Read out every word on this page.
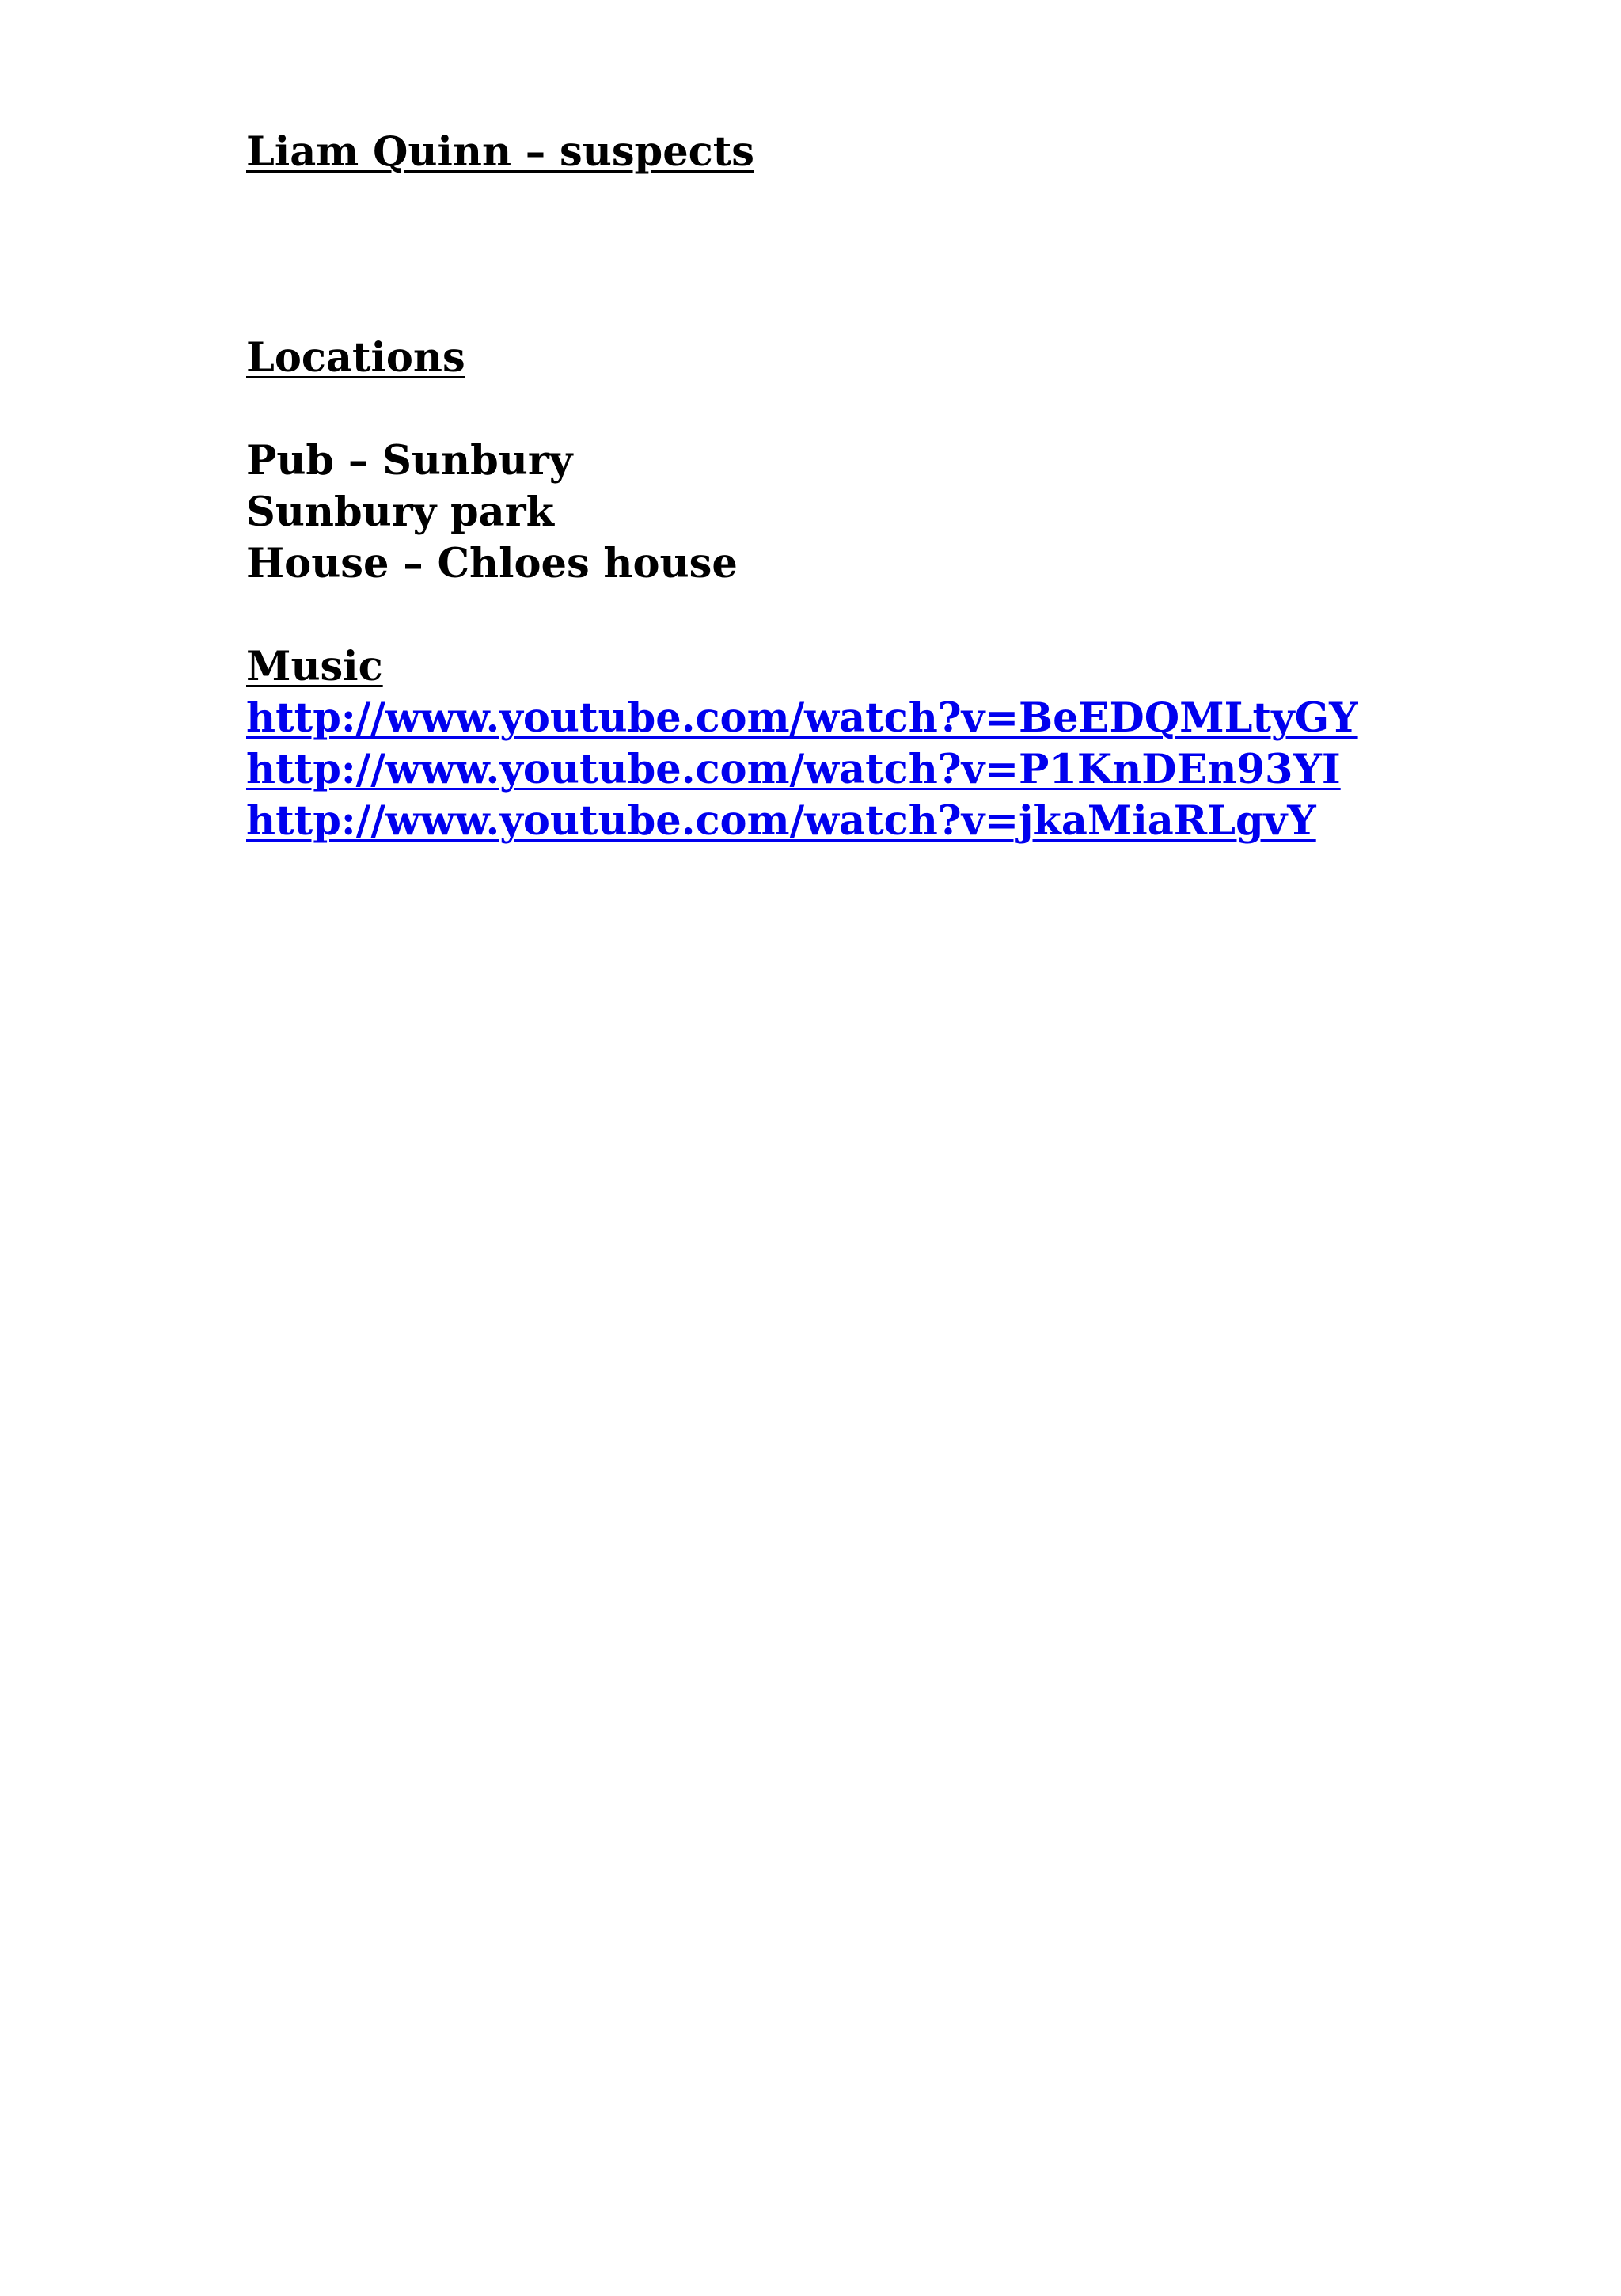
Liam Quinn – suspects
Locations
Pub – Sunbury
Sunbury park
House – Chloes house
Music
http://www.youtube.com/watch?v=BeEDQMLtyGY
http://www.youtube.com/watch?v=P1KnDEn93YI
http://www.youtube.com/watch?v=jkaMiaRLgvY
